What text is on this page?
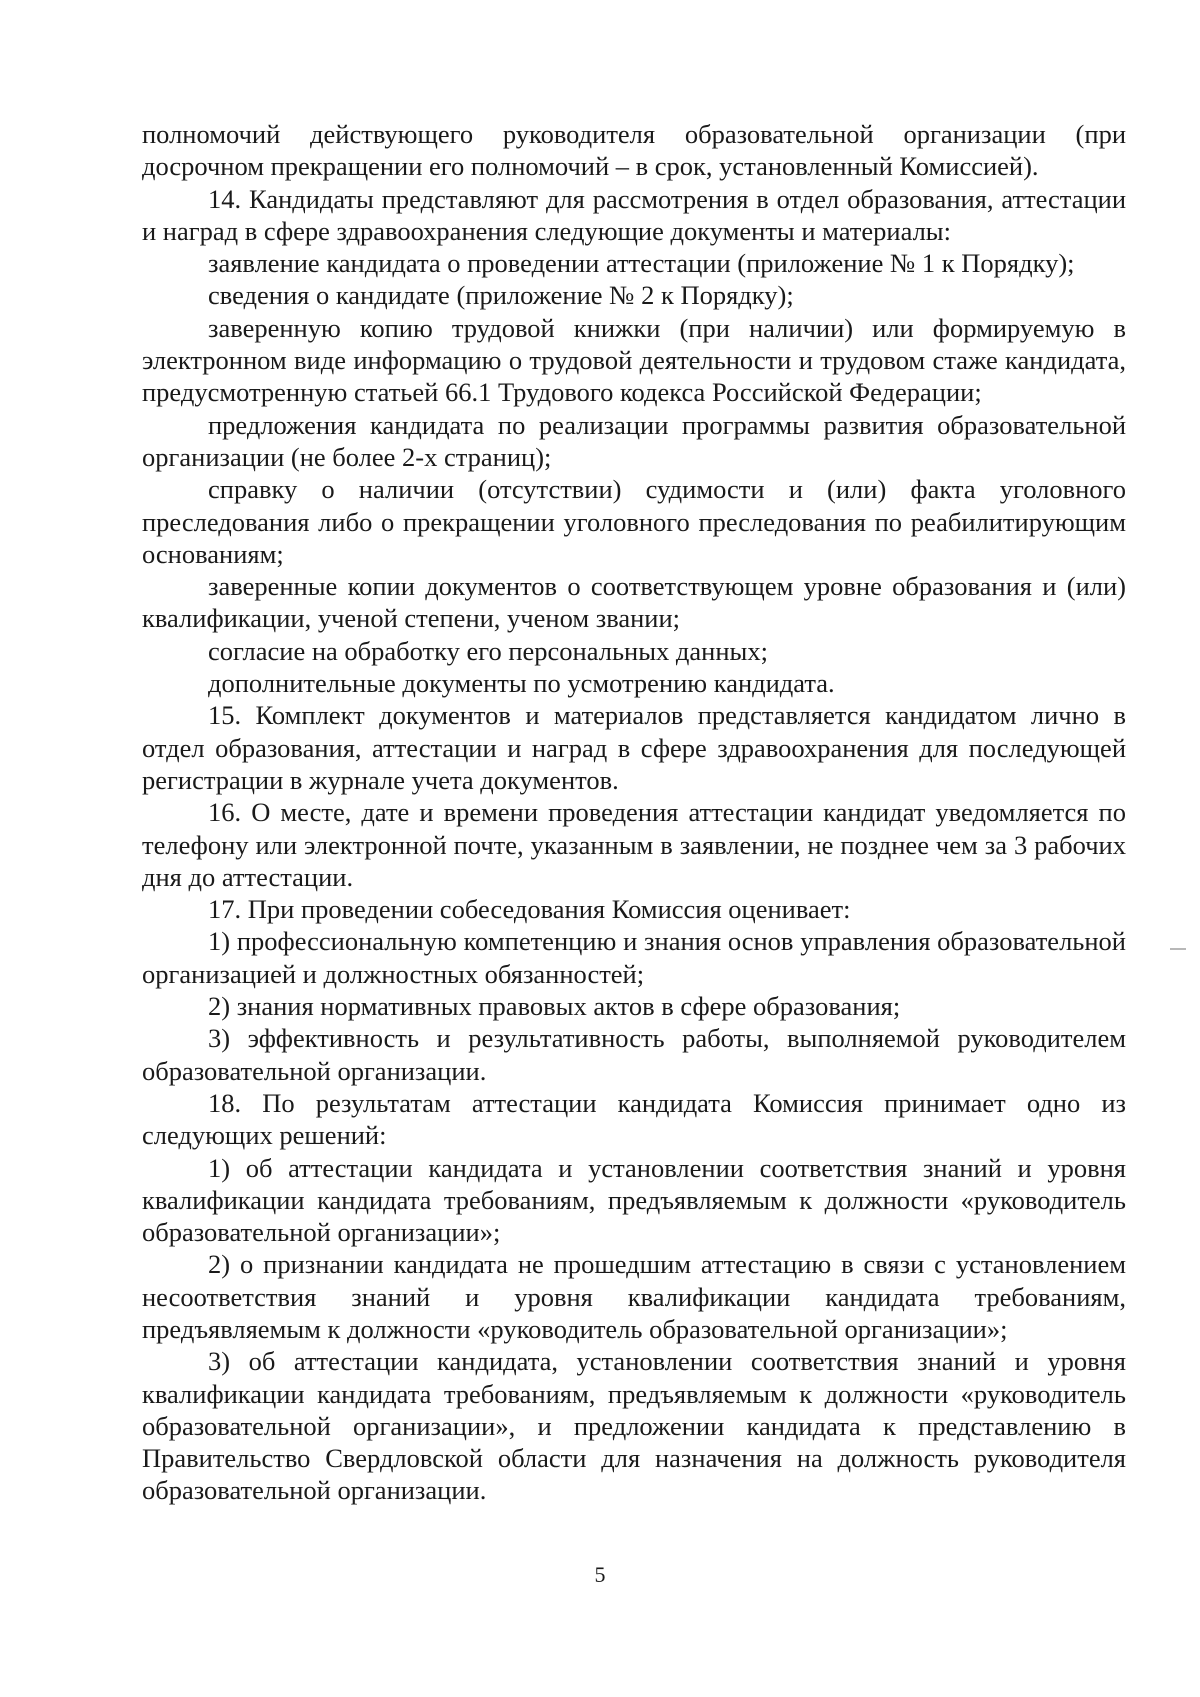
полномочий действующего руководителя образовательной организации (при досрочном прекращении его полномочий – в срок, установленный Комиссией).

14. Кандидаты представляют для рассмотрения в отдел образования, аттестации и наград в сфере здравоохранения следующие документы и материалы:

заявление кандидата о проведении аттестации (приложение № 1 к Порядку);

сведения о кандидате (приложение № 2 к Порядку);

заверенную копию трудовой книжки (при наличии) или формируемую в электронном виде информацию о трудовой деятельности и трудовом стаже кандидата, предусмотренную статьей 66.1 Трудового кодекса Российской Федерации;

предложения кандидата по реализации программы развития образовательной организации (не более 2-х страниц);

справку о наличии (отсутствии) судимости и (или) факта уголовного преследования либо о прекращении уголовного преследования по реабилитирующим основаниям;

заверенные копии документов о соответствующем уровне образования и (или) квалификации, ученой степени, ученом звании;

согласие на обработку его персональных данных;

дополнительные документы по усмотрению кандидата.

15. Комплект документов и материалов представляется кандидатом лично в отдел образования, аттестации и наград в сфере здравоохранения для последующей регистрации в журнале учета документов.

16. О месте, дате и времени проведения аттестации кандидат уведомляется по телефону или электронной почте, указанным в заявлении, не позднее чем за 3 рабочих дня до аттестации.

17. При проведении собеседования Комиссия оценивает:

1) профессиональную компетенцию и знания основ управления образовательной организацией и должностных обязанностей;

2) знания нормативных правовых актов в сфере образования;

3) эффективность и результативность работы, выполняемой руководителем образовательной организации.

18. По результатам аттестации кандидата Комиссия принимает одно из следующих решений:

1) об аттестации кандидата и установлении соответствия знаний и уровня квалификации кандидата требованиям, предъявляемым к должности «руководитель образовательной организации»;

2) о признании кандидата не прошедшим аттестацию в связи с установлением несоответствия знаний и уровня квалификации кандидата требованиям, предъявляемым к должности «руководитель образовательной организации»;

3) об аттестации кандидата, установлении соответствия знаний и уровня квалификации кандидата требованиям, предъявляемым к должности «руководитель образовательной организации», и предложении кандидата к представлению в Правительство Свердловской области для назначения на должность руководителя образовательной организации.

5
